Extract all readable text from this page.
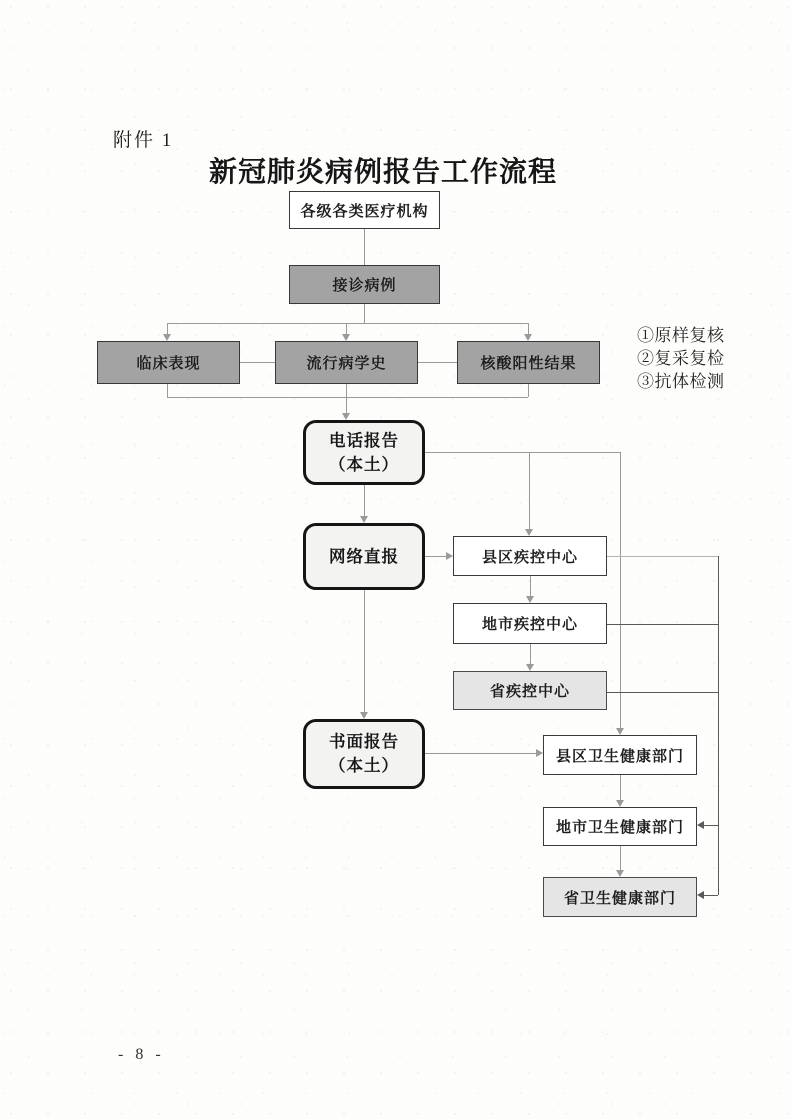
附件 1
新冠肺炎病例报告工作流程
各级各类医疗机构
接诊病例
临床表现	流行病学史	核酸阳性结果
①原样复核
②复采复检
③抗体检测
电话报告
（本土）
网络直报	县区疾控中心
地市疾控中心
省疾控中心
书面报告
（本土）	县区卫生健康部门
地市卫生健康部门
省卫生健康部门
- 8 -
